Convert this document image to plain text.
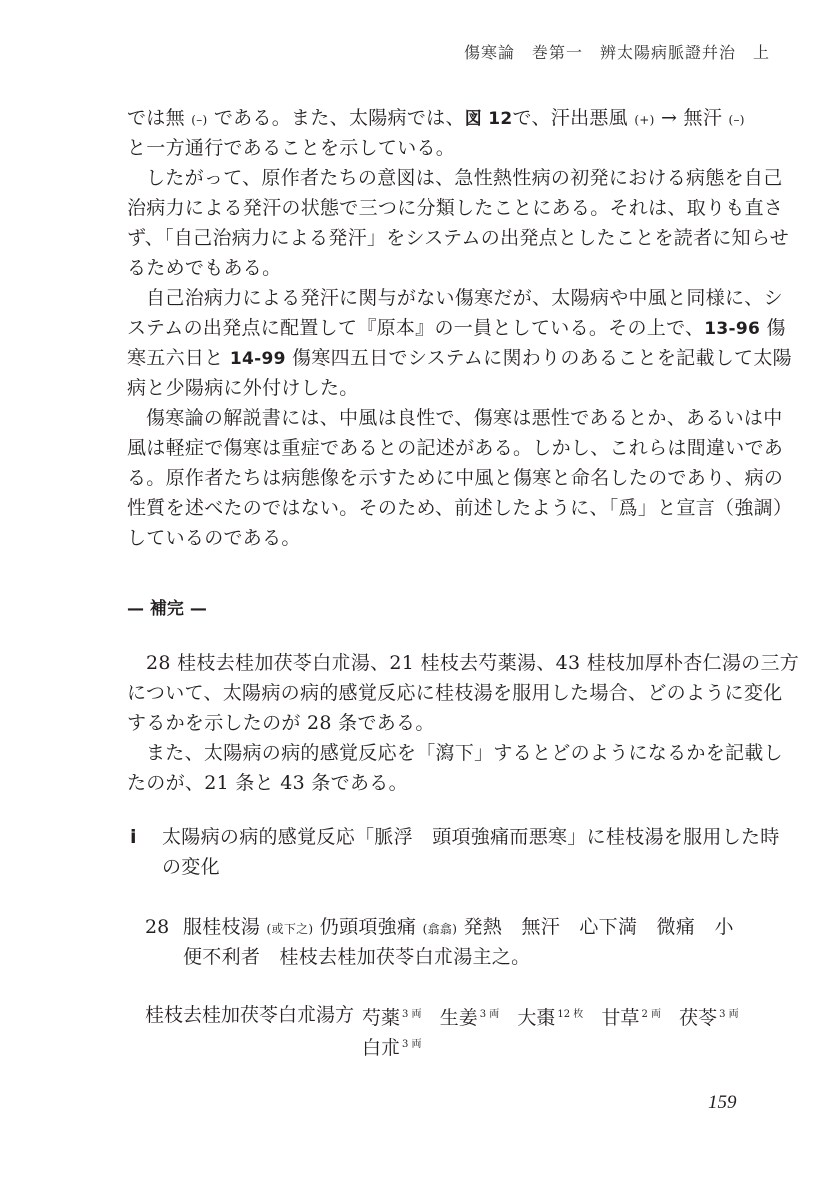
傷寒論　巻第一　辨太陽病脈證幷治　上
では無 (–) である。また、太陽病では、図 12で、汗出悪風 (+) → 無汗 (–)
と一方通行であることを示している。
したがって、原作者たちの意図は、急性熱性病の初発における病態を自己
治病力による発汗の状態で三つに分類したことにある。それは、取りも直さ
ず、「自己治病力による発汗」をシステムの出発点としたことを読者に知らせ
るためでもある。
自己治病力による発汗に関与がない傷寒だが、太陽病や中風と同様に、シ
ステムの出発点に配置して『原本』の一員としている。その上で、13-96 傷
寒五六日と 14-99 傷寒四五日でシステムに関わりのあることを記載して太陽
病と少陽病に外付けした。
傷寒論の解説書には、中風は良性で、傷寒は悪性であるとか、あるいは中
風は軽症で傷寒は重症であるとの記述がある。しかし、これらは間違いであ
る。原作者たちは病態像を示すために中風と傷寒と命名したのであり、病の
性質を述べたのではない。そのため、前述したように、「爲」と宣言（強調）
しているのである。
— 補完 —
28 桂枝去桂加茯苓白朮湯、21 桂枝去芍薬湯、43 桂枝加厚朴杏仁湯の三方
について、太陽病の病的感覚反応に桂枝湯を服用した場合、どのように変化
するかを示したのが 28 条である。
また、太陽病の病的感覚反応を「瀉下」するとどのようになるかを記載し
たのが、21 条と 43 条である。
i 太陽病の病的感覚反応「脈浮　頭項強痛而悪寒」に桂枝湯を服用した時
の変化
28 服桂枝湯 (或下之) 仍頭項強痛 (翕翕) 発熱　無汗　心下満　微痛　小
便不利者　桂枝去桂加茯苓白朮湯主之。
桂枝去桂加茯苓白朮湯方 芍薬 $^{3 両}$ 生姜 $^{3 両}$ 大棗 $^{12 枚}$ 甘草 $^{2 両}$ 茯苓 $^{3 両}$
白朮 $^{3 両}$
159
